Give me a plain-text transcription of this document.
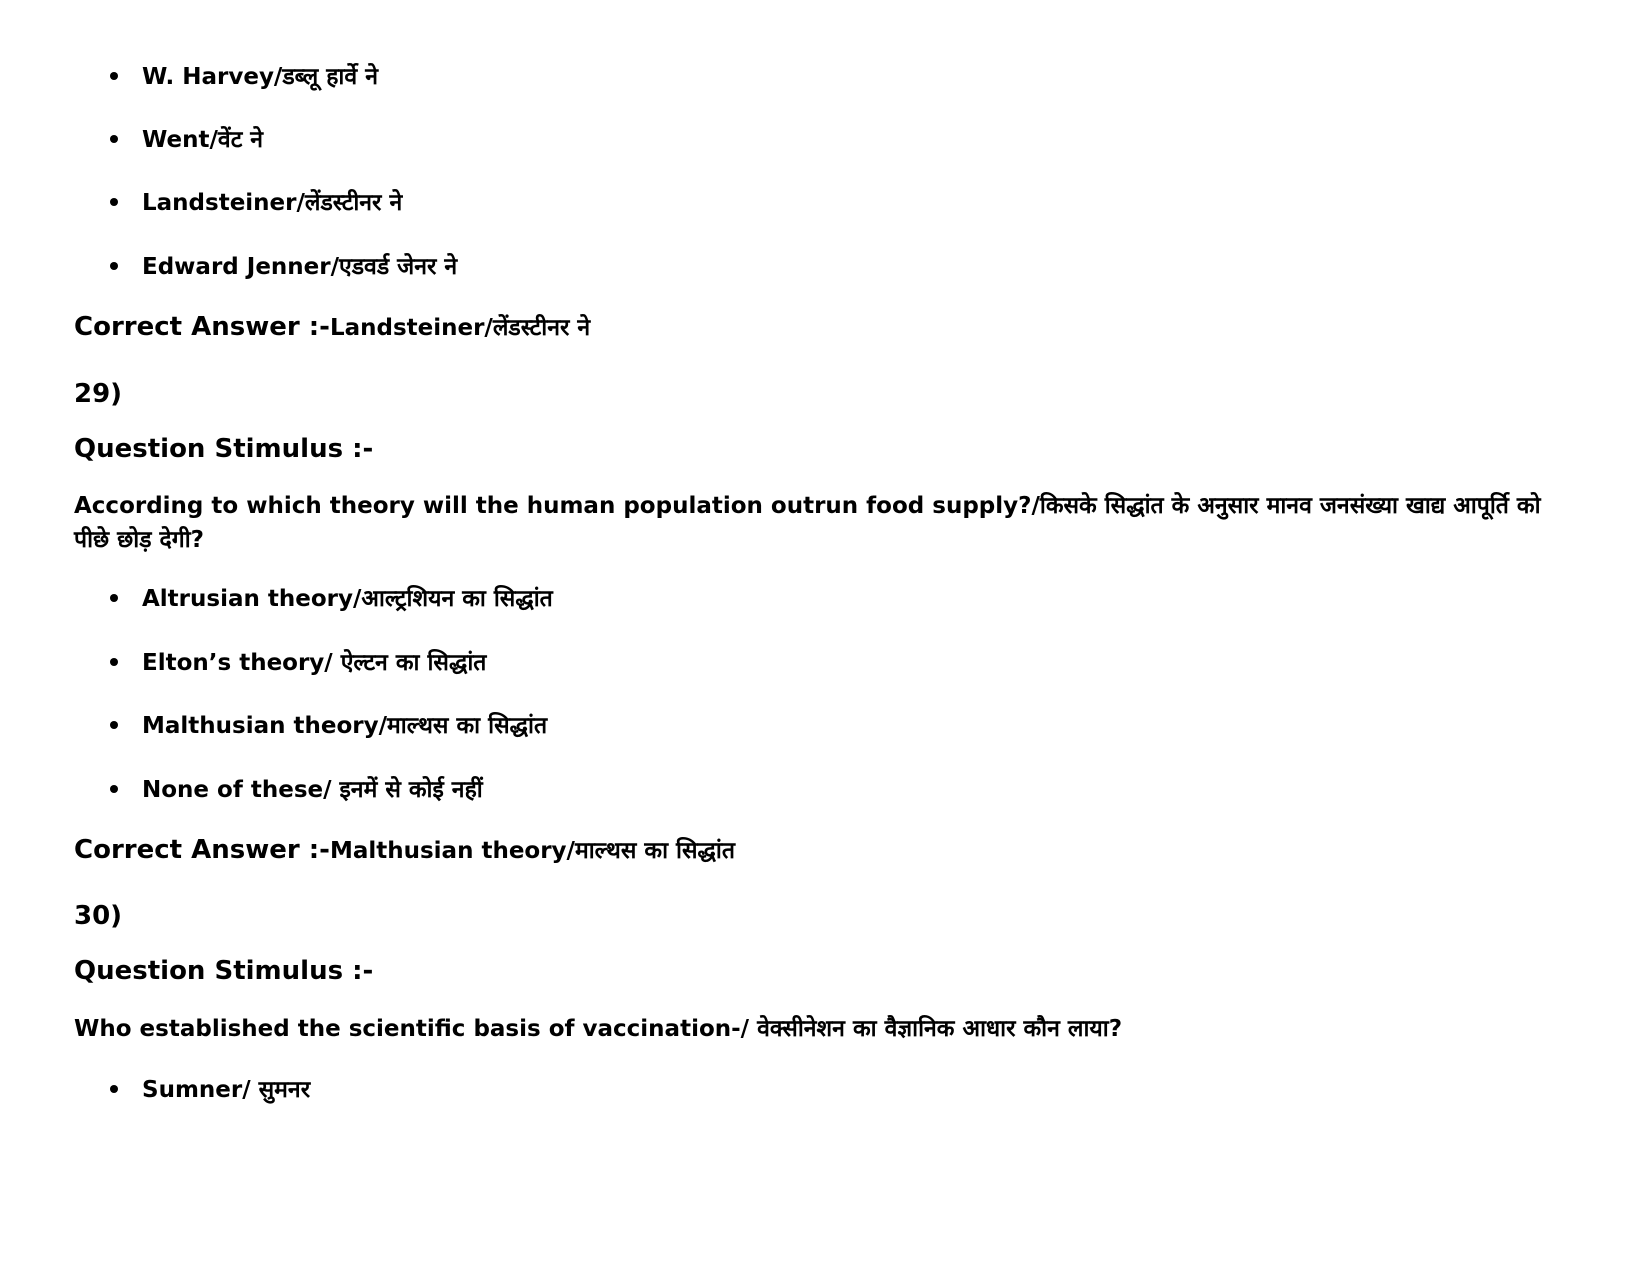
W. Harvey/डब्लू हार्वे ने
Went/वेंट ने
Landsteiner/लेंडस्टीनर ने
Edward Jenner/एडवर्ड जेनर ने
Correct Answer :-Landsteiner/लेंडस्टीनर ने
29)
Question Stimulus :-
According to which theory will the human population outrun food supply?/किसके सिद्धांत के अनुसार मानव जनसंख्या खाद्य आपूर्ति को पीछे छोड़ देगी?
Altrusian theory/आल्ट्रशियन का सिद्धांत
Elton’s theory/ ऐल्टन का सिद्धांत
Malthusian theory/माल्थस का सिद्धांत
None of these/ इनमें से कोई नहीं
Correct Answer :-Malthusian theory/माल्थस का सिद्धांत
30)
Question Stimulus :-
Who established the scientific basis of vaccination-/ वेक्सीनेशन का वैज्ञानिक आधार कौन लाया?
Sumner/ सुमनर
